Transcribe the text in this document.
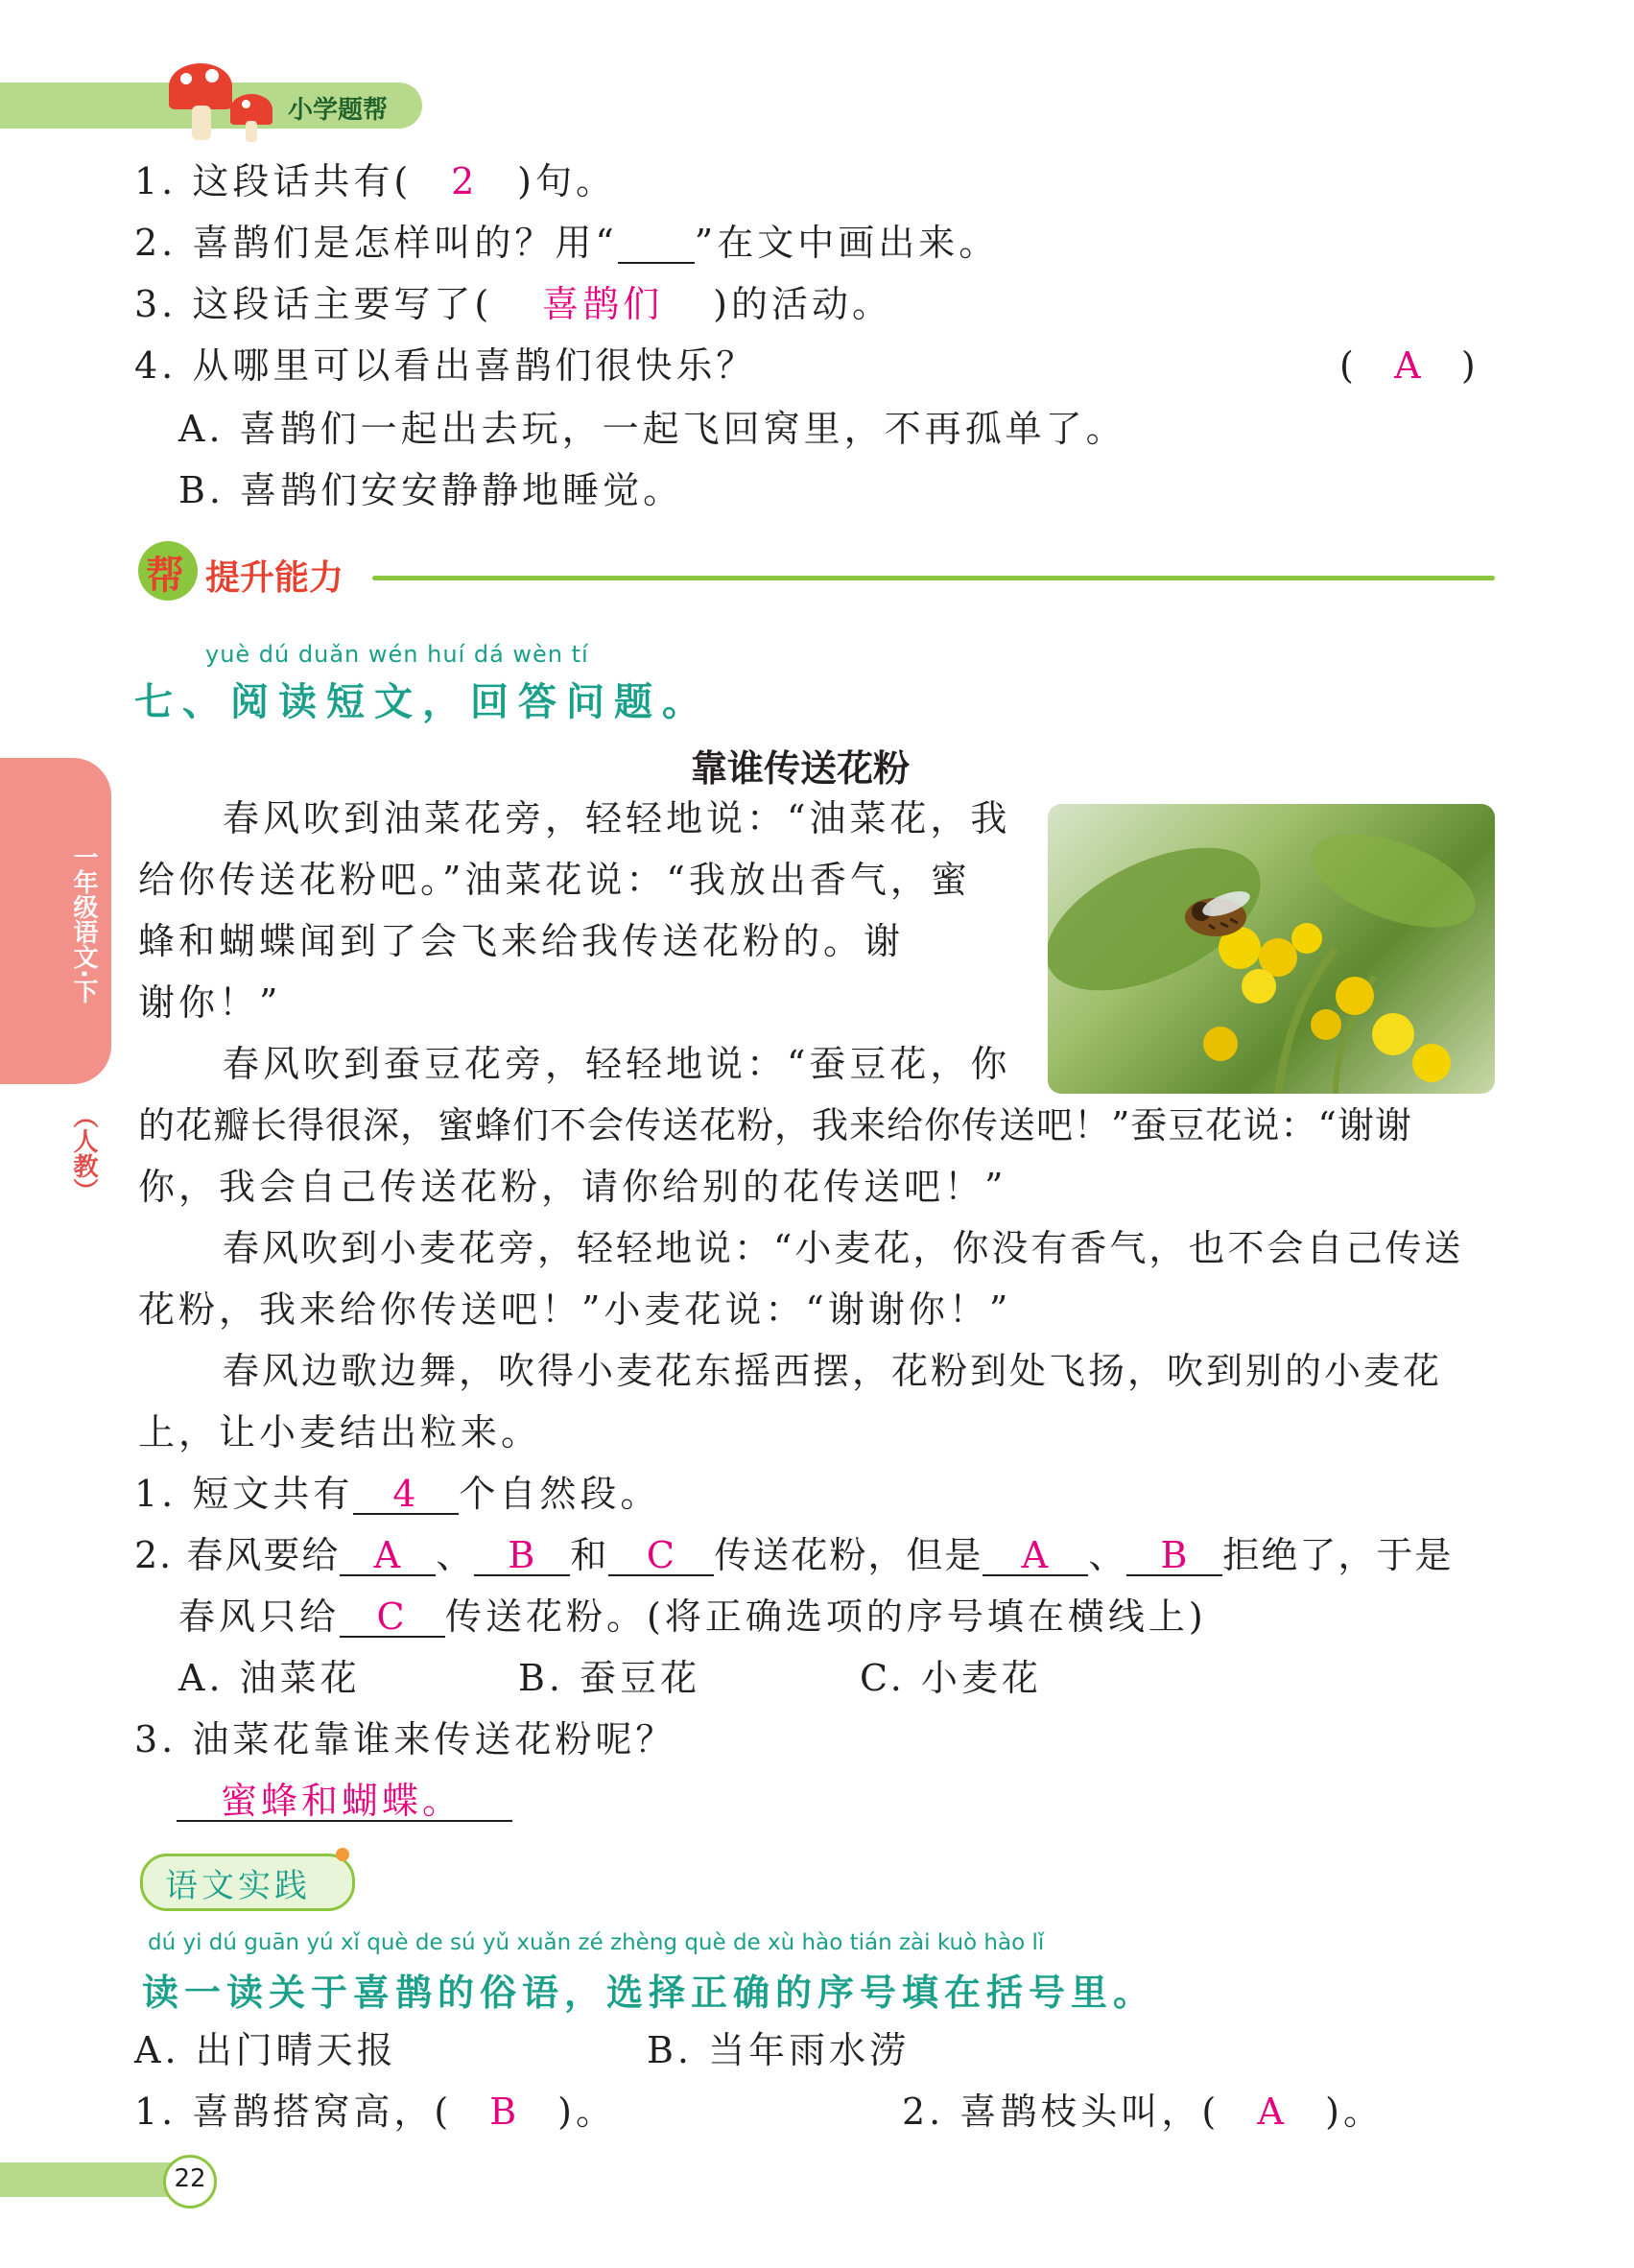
小学题帮
一年级语文·下
（人教）
1. 这段话共有( 2 )句。
2. 喜鹊们是怎样叫的？用“ ”在文中画出来。
3. 这段话主要写了( 喜鹊们 )的活动。
4. 从哪里可以看出喜鹊们很快乐？	( A )
A. 喜鹊们一起出去玩，一起飞回窝里，不再孤单了。
B. 喜鹊们安安静静地睡觉。
帮 提升能力
yuè dú duǎn wén huí dá wèn tí
七、阅读短文，回答问题。
靠谁传送花粉
春风吹到油菜花旁，轻轻地说：“油菜花，我
给你传送花粉吧。”油菜花说：“我放出香气，蜜
蜂和蝴蝶闻到了会飞来给我传送花粉的。谢
谢你！”
春风吹到蚕豆花旁，轻轻地说：“蚕豆花，你
的花瓣长得很深，蜜蜂们不会传送花粉，我来给你传送吧！”蚕豆花说：“谢谢
你，我会自己传送花粉，请你给别的花传送吧！”
春风吹到小麦花旁，轻轻地说：“小麦花，你没有香气，也不会自己传送
花粉，我来给你传送吧！”小麦花说：“谢谢你！”
春风边歌边舞，吹得小麦花东摇西摆，花粉到处飞扬，吹到别的小麦花
上，让小麦结出粒来。
1. 短文共有 4 个自然段。
2. 春风要给 A 、 B 和 C 传送花粉，但是 A 、 B 拒绝了，于是
春风只给 C 传送花粉。(将正确选项的序号填在横线上)
A. 油菜花	B. 蚕豆花	C. 小麦花
3. 油菜花靠谁来传送花粉呢？
蜜蜂和蝴蝶。
语文实践
dú yi dú guān yú xǐ què de sú yǔ xuǎn zé zhèng què de xù hào tián zài kuò hào lǐ
读一读关于喜鹊的俗语，选择正确的序号填在括号里。
A. 出门晴天报	B. 当年雨水涝
1. 喜鹊搭窝高，( B )。	2. 喜鹊枝头叫，( A )。
22
